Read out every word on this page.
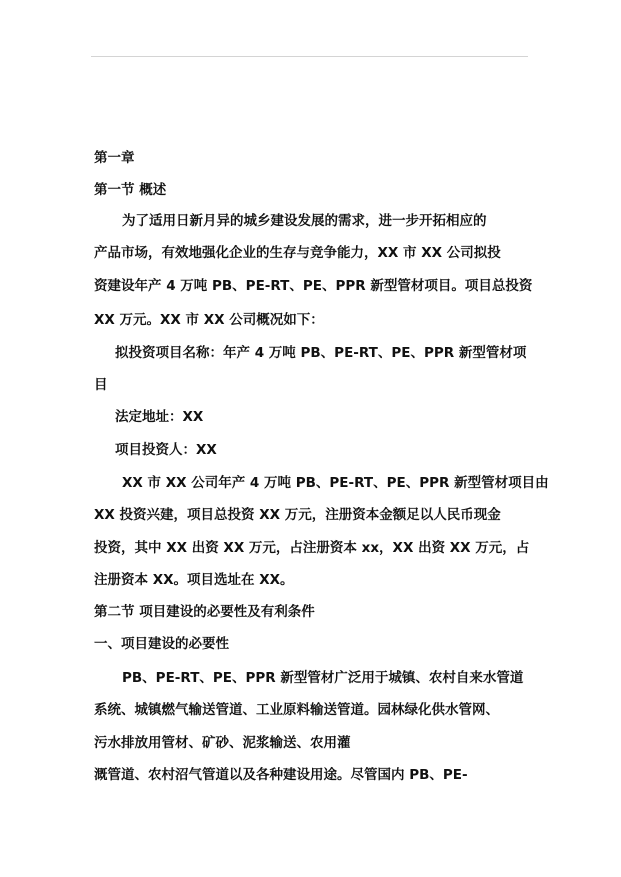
第一章
第一节 概述
为了适用日新月异的城乡建设发展的需求，进一步开拓相应的
产品市场，有效地强化企业的生存与竞争能力，XX 市 XX 公司拟投
资建设年产 4 万吨 PB、PE-RT、PE、PPR 新型管材项目。项目总投资
XX 万元。XX 市 XX 公司概况如下：
拟投资项目名称：年产 4 万吨 PB、PE-RT、PE、PPR 新型管材项
目
法定地址：XX
项目投资人：XX
XX 市 XX 公司年产 4 万吨 PB、PE-RT、PE、PPR 新型管材项目由
XX 投资兴建，项目总投资 XX 万元，注册资本金额足以人民币现金
投资，其中 XX 出资 XX 万元，占注册资本 xx，XX 出资 XX 万元，占
注册资本 XX。项目选址在 XX。
第二节 项目建设的必要性及有利条件
一、项目建设的必要性
PB、PE-RT、PE、PPR 新型管材广泛用于城镇、农村自来水管道
系统、城镇燃气输送管道、工业原料输送管道。园林绿化供水管网、
污水排放用管材、矿砂、泥浆输送、农用灌
溉管道、农村沼气管道以及各种建设用途。尽管国内 PB、PE-
